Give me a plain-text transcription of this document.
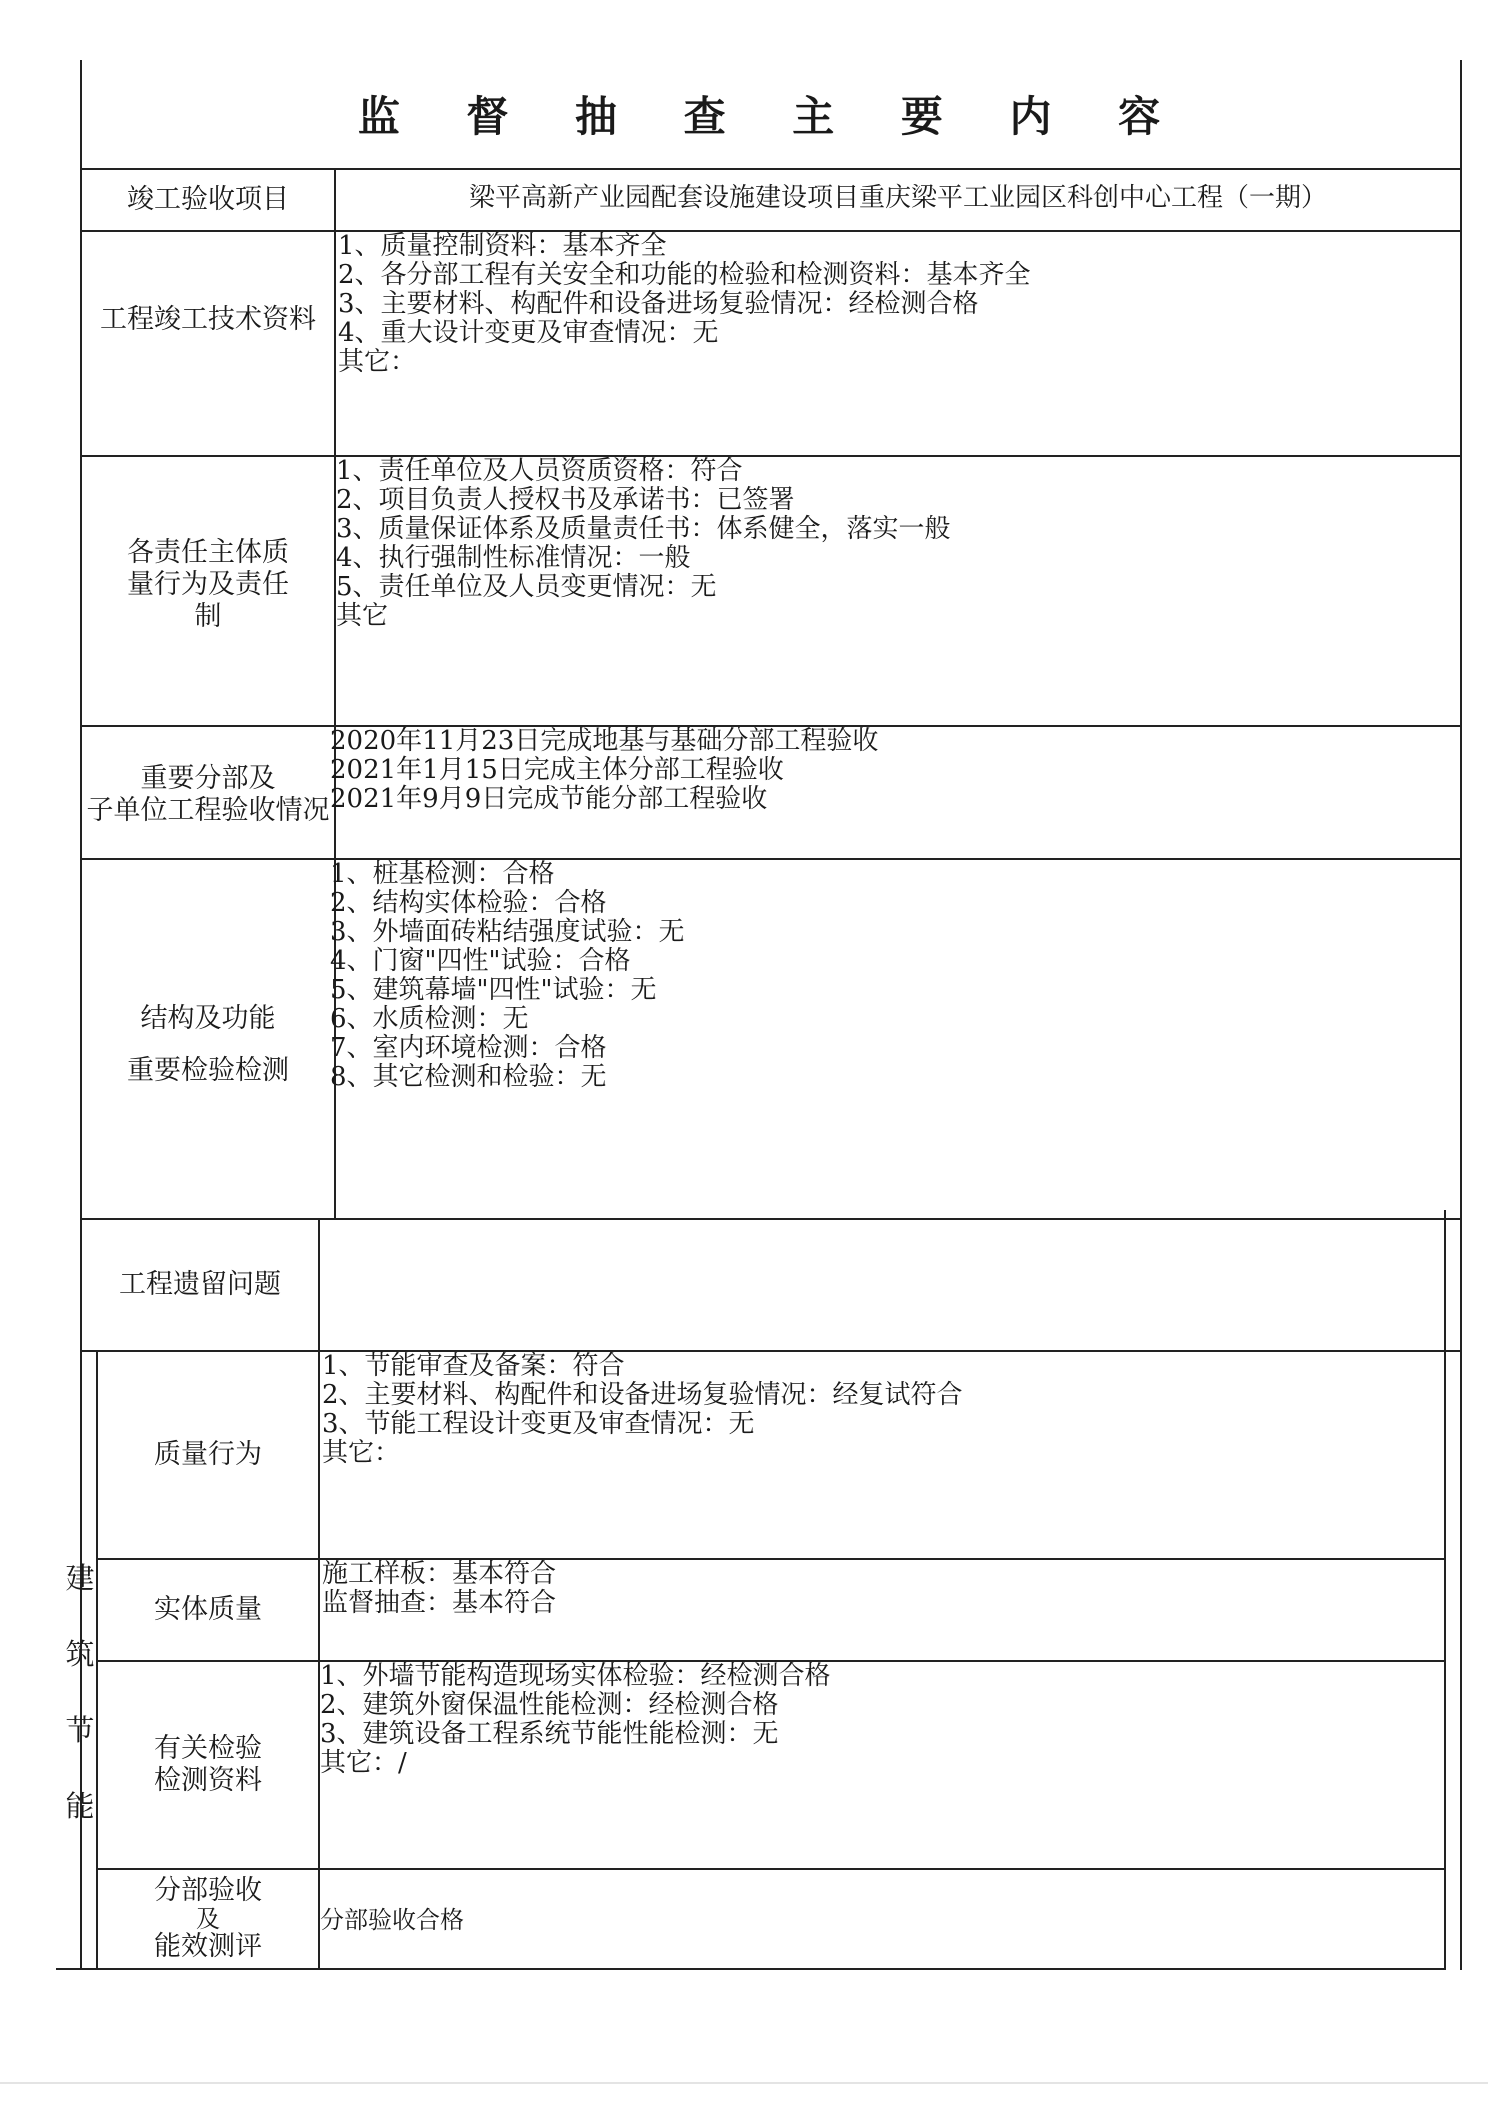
监 督 抽 查 主 要 内 容
竣工验收项目	梁平高新产业园配套设施建设项目重庆梁平工业园区科创中心工程（一期）
工程竣工技术资料
1、质量控制资料：基本齐全
2、各分部工程有关安全和功能的检验和检测资料：基本齐全
3、主要材料、构配件和设备进场复验情况：经检测合格
4、重大设计变更及审查情况：无
其它：
各责任主体质
量行为及责任
制
1、责任单位及人员资质资格：符合
2、项目负责人授权书及承诺书：已签署
3、质量保证体系及质量责任书：体系健全，落实一般
4、执行强制性标准情况：一般
5、责任单位及人员变更情况：无
其它
重要分部及
子单位工程验收情况
2020年11月23日完成地基与基础分部工程验收
2021年1月15日完成主体分部工程验收
2021年9月9日完成节能分部工程验收
结构及功能
重要检验检测
1、桩基检测：合格
2、结构实体检验：合格
3、外墙面砖粘结强度试验：无
4、门窗"四性"试验：合格
5、建筑幕墙"四性"试验：无
6、水质检测：无
7、室内环境检测：合格
8、其它检测和检验：无
工程遗留问题
建
筑
节
能
质量行为
1、节能审查及备案：符合
2、主要材料、构配件和设备进场复验情况：经复试符合
3、节能工程设计变更及审查情况：无
其它：
实体质量
施工样板：基本符合
监督抽查：基本符合
有关检验
检测资料
1、外墙节能构造现场实体检验：经检测合格
2、建筑外窗保温性能检测：经检测合格
3、建筑设备工程系统节能性能检测：无
其它：/
分部验收
及
能效测评
分部验收合格
